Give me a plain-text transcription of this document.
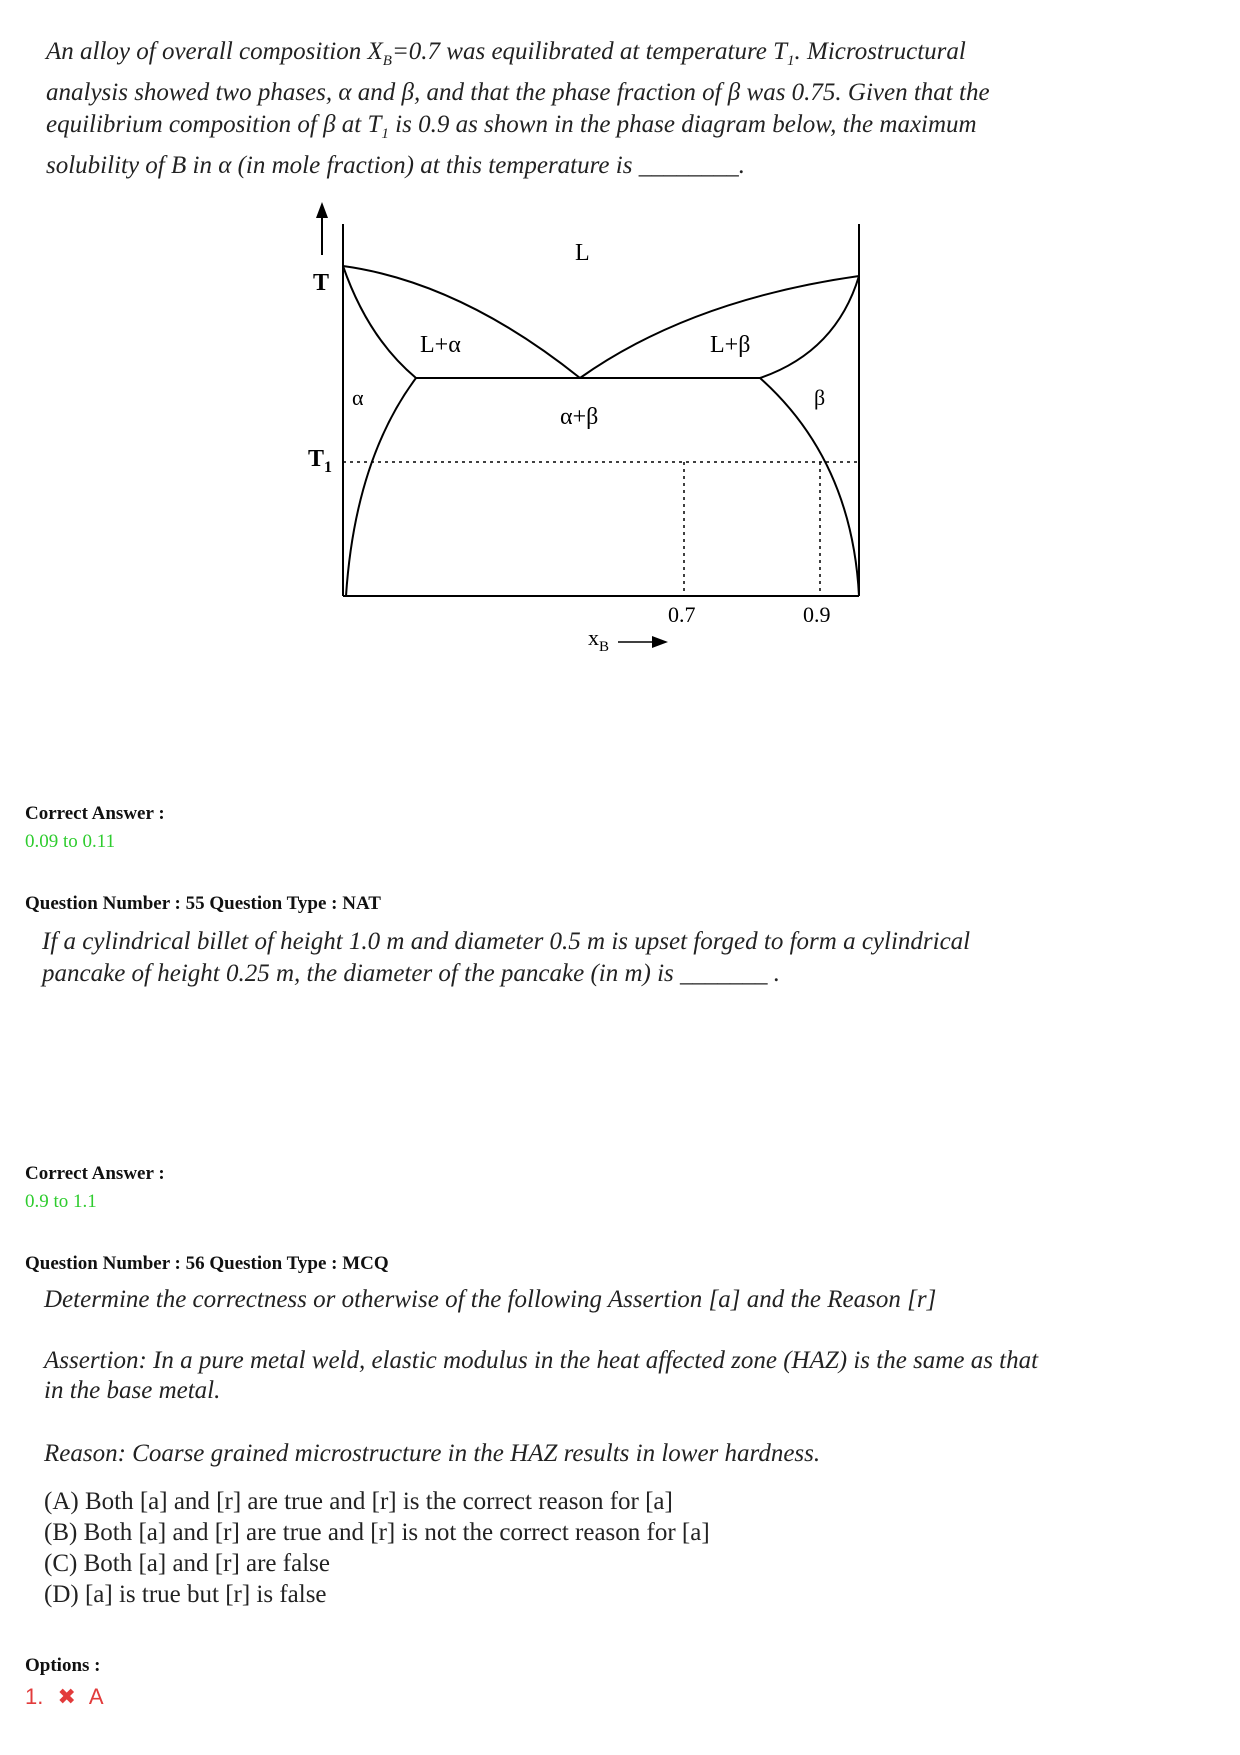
An alloy of overall composition $X_B=0.7$ was equilibrated at temperature $T_1$. Microstructural
analysis showed two phases, α and β, and that the phase fraction of β was 0.75. Given that the
equilibrium composition of β at $T_1$ is 0.9 as shown in the phase diagram below, the maximum
solubility of B in α (in mole fraction) at this temperature is ________.
T
$T_1$
L
L+α	L+β
α	β
α+β
0.7	0.9
$x_B$
Correct Answer :
0.09 to 0.11
Question Number : 55 Question Type : NAT
If a cylindrical billet of height 1.0 m and diameter 0.5 m is upset forged to form a cylindrical
pancake of height 0.25 m, the diameter of the pancake (in m) is _______ .
Correct Answer :
0.9 to 1.1
Question Number : 56 Question Type : MCQ
Determine the correctness or otherwise of the following Assertion [a] and the Reason [r]
Assertion: In a pure metal weld, elastic modulus in the heat affected zone (HAZ) is the same as that
in the base metal.
Reason: Coarse grained microstructure in the HAZ results in lower hardness.
(A) Both [a] and [r] are true and [r] is the correct reason for [a]
(B) Both [a] and [r] are true and [r] is not the correct reason for [a]
(C) Both [a] and [r] are false
(D) [a] is true but [r] is false
Options :
1. ✖ A
